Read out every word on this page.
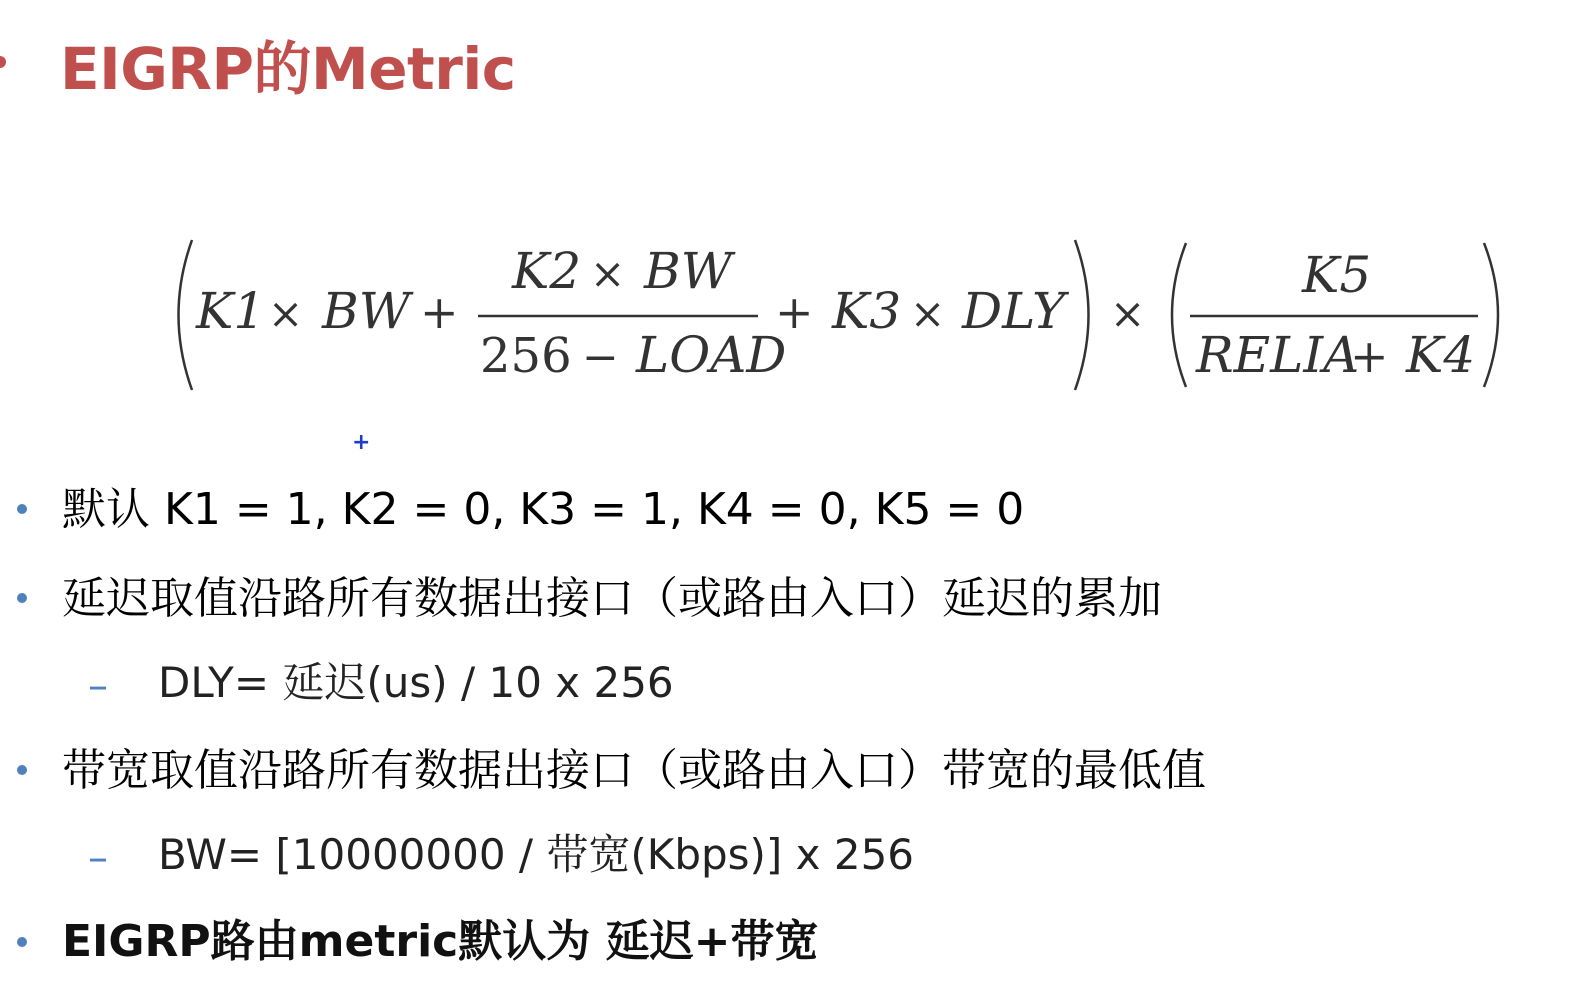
EIGRP的Metric
K1 × BW +
K2 × BW
256 − LOAD
+ K3 × DLY ×
K5
RELIA
+ K4
+
默认 K1 = 1, K2 = 0, K3 = 1, K4 = 0, K5 = 0
延迟取值沿路所有数据出接口（或路由入口）延迟的累加
– DLY= 延迟(us) / 10 x 256
带宽取值沿路所有数据出接口（或路由入口）带宽的最低值
– BW= [10000000 / 带宽(Kbps)] x 256
EIGRP路由metric默认为 延迟+带宽
